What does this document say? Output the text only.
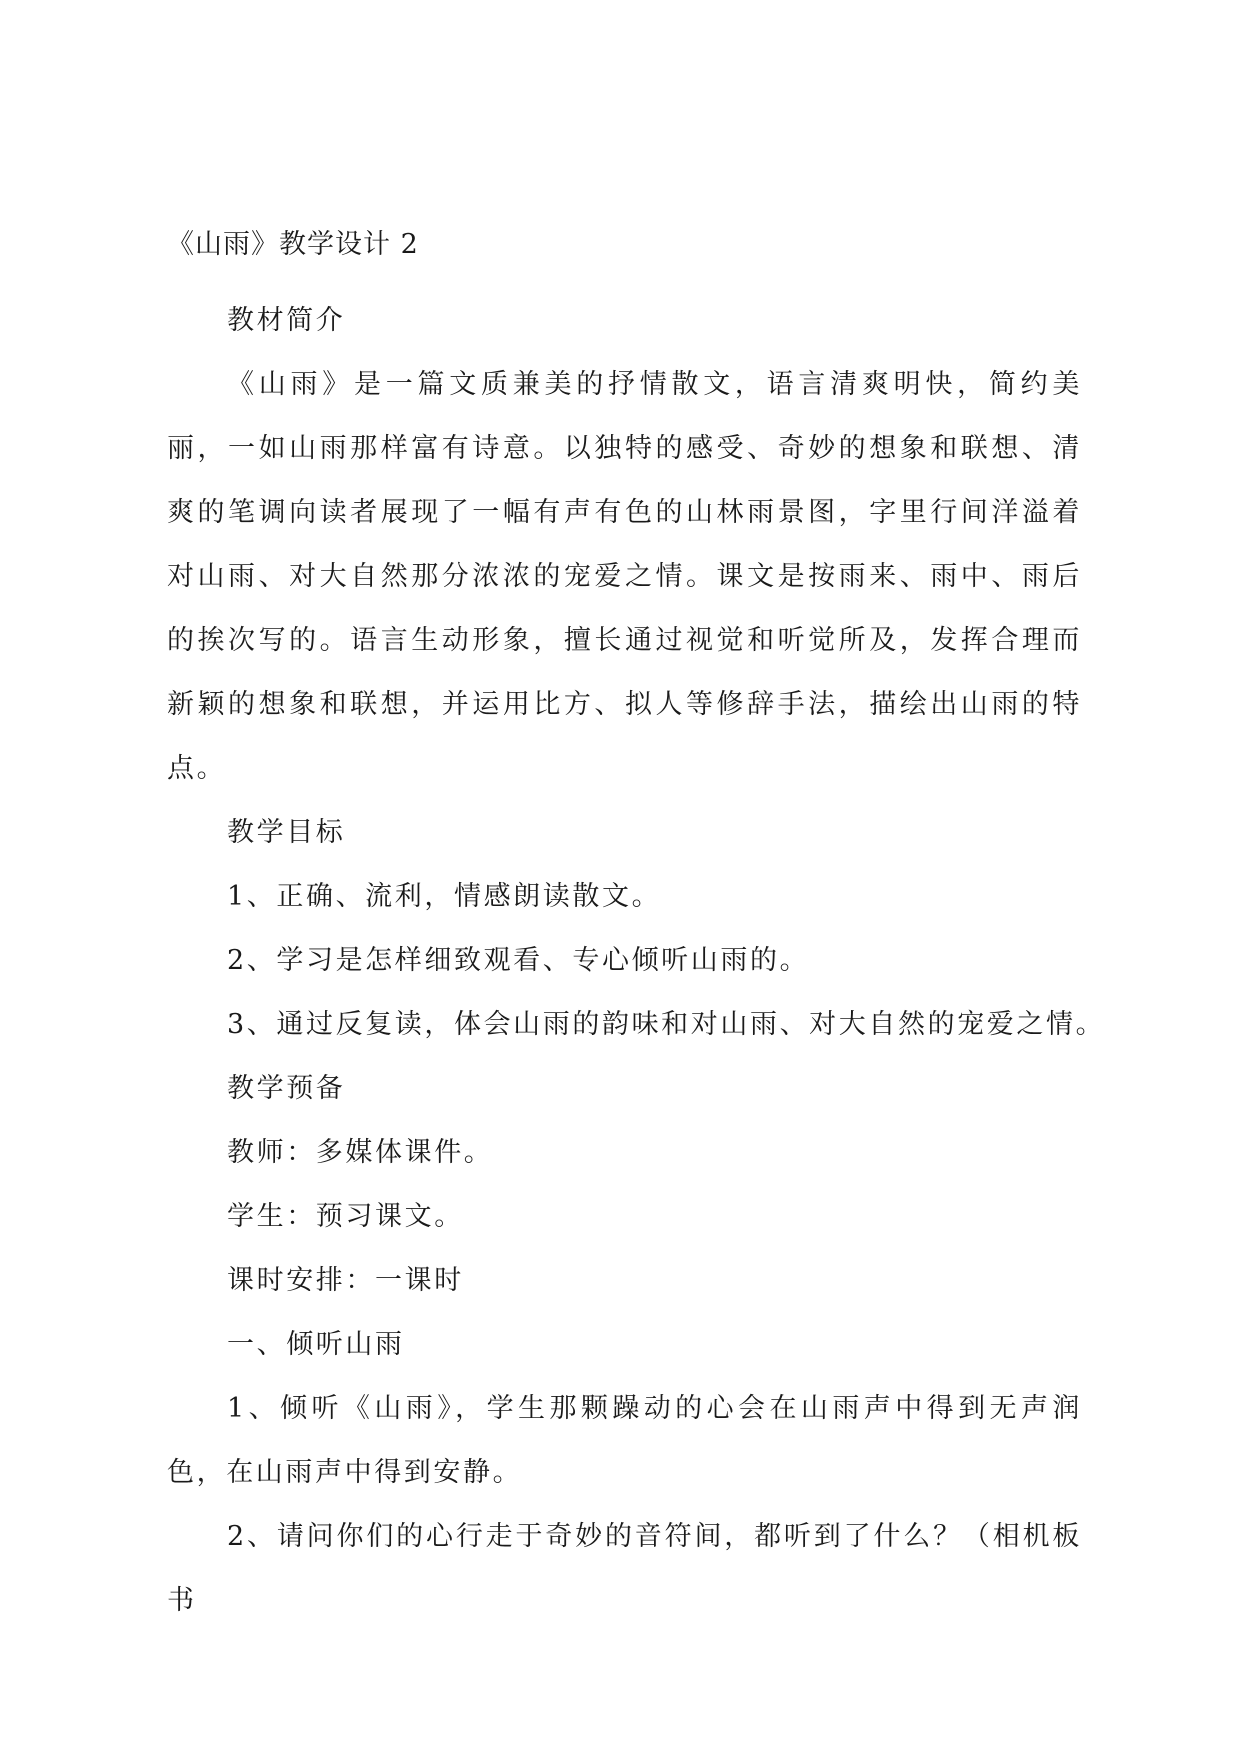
《山雨》教学设计 2
教材简介

《山雨》是一篇文质兼美的抒情散文，语言清爽明快，简约美丽，一如山雨那样富有诗意。以独特的感受、奇妙的想象和联想、清爽的笔调向读者展现了一幅有声有色的山林雨景图，字里行间洋溢着对山雨、对大自然那分浓浓的宠爱之情。课文是按雨来、雨中、雨后的挨次写的。语言生动形象，擅长通过视觉和听觉所及，发挥合理而新颖的想象和联想，并运用比方、拟人等修辞手法，描绘出山雨的特点。

教学目标
1、正确、流利，情感朗读散文。
2、学习是怎样细致观看、专心倾听山雨的。
3、通过反复读，体会山雨的韵味和对山雨、对大自然的宠爱之情。
教学预备
教师：多媒体课件。
学生：预习课文。
课时安排：一课时
一、倾听山雨

1、倾听《山雨》，学生那颗躁动的心会在山雨声中得到无声润色，在山雨声中得到安静。

2、请问你们的心行走于奇妙的音符间，都听到了什么？（相机板书
